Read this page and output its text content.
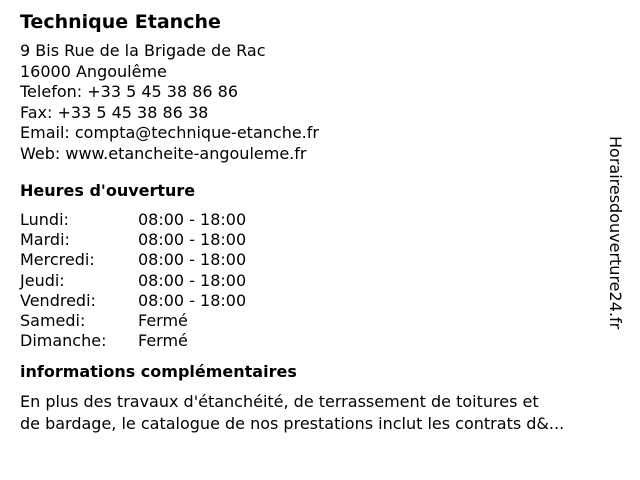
Technique Etanche
9 Bis Rue de la Brigade de Rac
16000 Angoulême
Telefon: +33 5 45 38 86 86
Fax: +33 5 45 38 86 38
Email: compta@technique-etanche.fr
Web: www.etancheite-angouleme.fr
Heures d'ouverture
Lundi:	08:00 - 18:00
Mardi:	08:00 - 18:00
Mercredi:	08:00 - 18:00
Jeudi:	08:00 - 18:00
Vendredi:	08:00 - 18:00
Samedi:	Fermé
Dimanche:	Fermé
informations complémentaires
En plus des travaux d'étanchéité, de terrassement de toitures et
de bardage, le catalogue de nos prestations inclut les contrats d&...
Horairesdouverture24.fr
